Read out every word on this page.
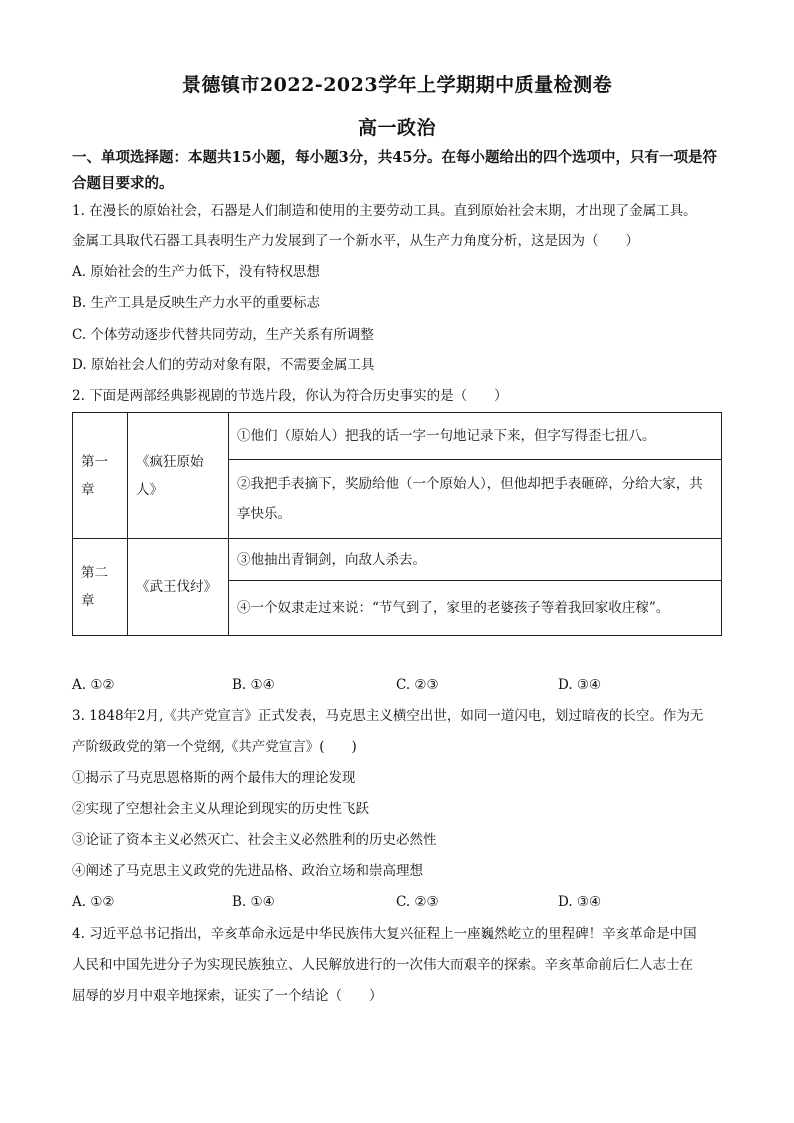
景德镇市2022-2023学年上学期期中质量检测卷
高一政治
一、单项选择题：本题共15小题，每小题3分，共45分。在每小题给出的四个选项中，只有一项是符合题目要求的。
1. 在漫长的原始社会，石器是人们制造和使用的主要劳动工具。直到原始社会末期，才出现了金属工具。
金属工具取代石器工具表明生产力发展到了一个新水平，从生产力角度分析，这是因为（　　）
A. 原始社会的生产力低下，没有特权思想
B. 生产工具是反映生产力水平的重要标志
C. 个体劳动逐步代替共同劳动，生产关系有所调整
D. 原始社会人们的劳动对象有限，不需要金属工具
2. 下面是两部经典影视剧的节选片段，你认为符合历史事实的是（　　）
第一章	《疯狂原始人》	①他们（原始人）把我的话一字一句地记录下来，但字写得歪七扭八。
		②我把手表摘下，奖励给他（一个原始人），但他却把手表砸碎，分给大家，共享快乐。
第二章	《武王伐纣》	③他抽出青铜剑，向敌人杀去。
		④一个奴隶走过来说：“节气到了，家里的老婆孩子等着我回家收庄稼”。
A. ①②	B. ①④	C. ②③	D. ③④
3. 1848年2月,《共产党宣言》正式发表，马克思主义横空出世，如同一道闪电，划过暗夜的长空。作为无
产阶级政党的第一个党纲,《共产党宣言》(　　)
①揭示了马克思恩格斯的两个最伟大的理论发现
②实现了空想社会主义从理论到现实的历史性飞跃
③论证了资本主义必然灭亡、社会主义必然胜利的历史必然性
④阐述了马克思主义政党的先进品格、政治立场和崇高理想
A. ①②	B. ①④	C. ②③	D. ③④
4. 习近平总书记指出，辛亥革命永远是中华民族伟大复兴征程上一座巍然屹立的里程碑！辛亥革命是中国
人民和中国先进分子为实现民族独立、人民解放进行的一次伟大而艰辛的探索。辛亥革命前后仁人志士在
屈辱的岁月中艰辛地探索，证实了一个结论（　　）
